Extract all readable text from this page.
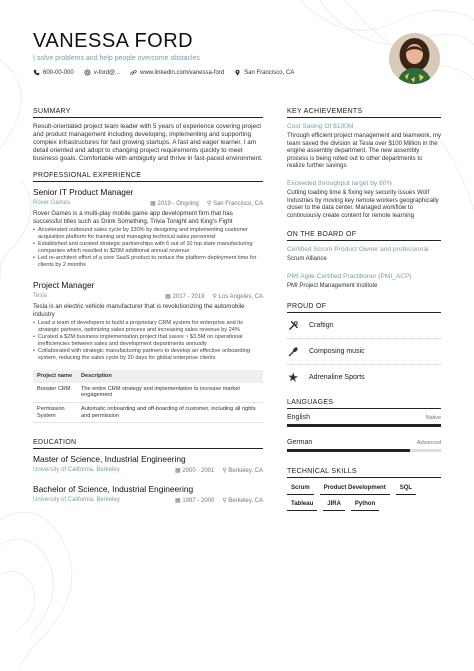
VANESSA FORD
I solve problems and help people overcome obstacles
600-00-000	v-ford@...	www.linkedin.com/vanessa-ford	San Francisco, CA
SUMMARY
Result-orientated project team leader with 5 years of experience covering project and product management including developing, implementing and supporting complex infrastructures for fast growing startups. A fast and eager learner, I am detail oriented and adopt to changing project requirements quickly to meet business goals. Comfortable with ambiguity and thrive in fast-paced environment.
PROFESSIONAL EXPERIENCE
Senior IT Product Manager
Rover Games	▦ 2019 - Ongoing ⚲ San Francisco, CA
Rover Games is a multi-play mobile game app development firm that has successful titles such as Drink Something, Trivia Tonight and King's Fight
• Accelerated outbound sales cycle by 330% by designing and implementing customer acquisition platform for training and managing technical sales personnel
• Established and curated strategic partnerships with 6 out of 10 top state manufacturing companies which resulted in $20M additional annual revenue
• Led re-architect effort of a core SaaS product to reduce the platform deployment time for clients by 2 months
Project Manager
Tesla	▦ 2017 - 2019 ⚲ Los Angeles, CA
Tesla is an electric vehicle manufacturer that is revolutionizing the automobile industry
• Lead a team of developers to build a proprietary CRM system for enterprise and its strategic partners, optimizing sales process and increasing sales revenue by 24%
• Curated a $2M business implementation project that saves ~ $3.5M on operational inefficiencies between sales and development departments annually
• Collaborated with strategic manufacturing partners to develop an effective onboarding system, reducing the sales cycle by 20 days for global enterprise clients
Project name	Description
Booster CRM	The entire CRM strategy and implementation to increase market engagement
Permission System	Automatic onboarding and off-boarding of customer, including all rights and permission
EDUCATION
Master of Science, Industrial Engineering
University of California, Berkeley	▦ 2000 - 2001 ⚲ Berkeley, CA
Bachelor of Science, Industrial Engineering
University of California, Berkeley	▦ 1997 - 2000 ⚲ Berkeley, CA
KEY ACHIEVEMENTS
Cost Saving Of $100M
Through efficient project management and teamwork, my team saved the division at Tesla over $100 Million in the engine assembly department. The new assembly process is being rolled out to other departments to realize further savings
Exceeded throughput target by 80%
Cutting loading time & fixing key security issues Wolf Industries by moving key remote workers geographically closer to the data center. Managed workflow to continuously create content for remote learning
ON THE BOARD OF
Certified Scrum Product Owner and professional
Scrum Alliance
PMI Agile Certified Practitioner (PMI_ACP)
PMI Project Management Institute
PROUD OF
Craftign
Composing music
Adrenaline Sports
LANGUAGES
English	Native
German	Advanced
TECHNICAL SKILLS
Scrum	Product Development	SQL
Tableau	JIRA	Python
